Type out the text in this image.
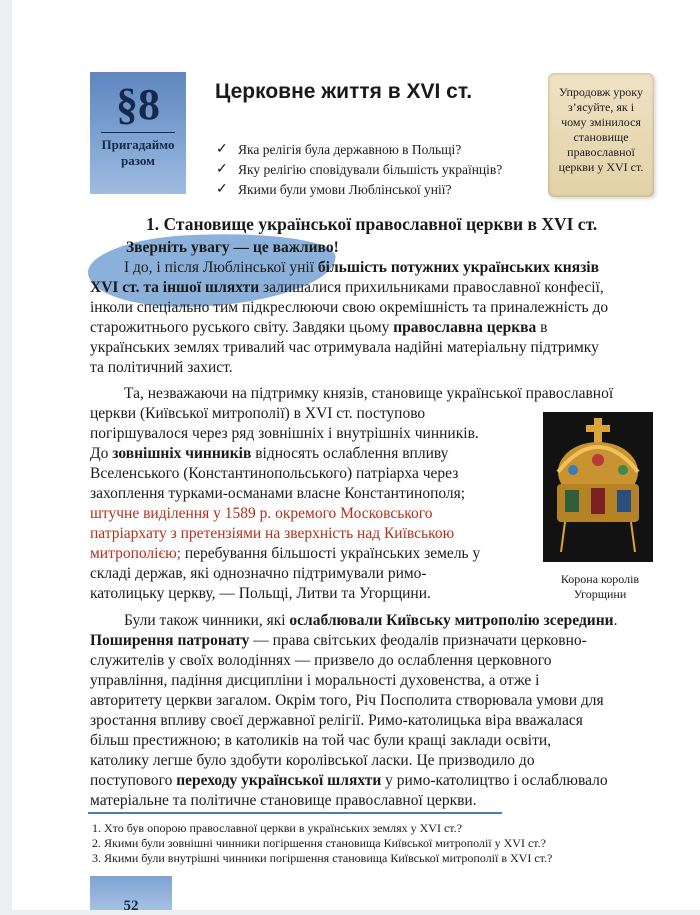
§8
Пригадаймо
разом
Церковне життя в XVI ст.
✓ Яка релігія була державною в Польщі?
✓ Яку релігію сповідували більшість українців?
✓ Якими були умови Люблінської унії?
Упродовж уроку
з’ясуйте, як і
чому змінилося
становище
православної
церкви у XVI ст.
1. Становище української православної церкви в XVI ст.
Зверніть увагу — це важливо!
І до, і після Люблінської унії більшість потужних українських князів
XVI ст. та іншої шляхти залишалися прихильниками православної конфесії,
інколи спеціально тим підкреслюючи свою окремішність та приналежність до
старожитнього руського світу. Завдяки цьому православна церква в
українських землях тривалий час отримувала надійні матеріальну підтримку
та політичний захист.
Та, незважаючи на підтримку князів, становище української православної
церкви (Київської митрополії) в XVI ст. поступово
погіршувалося через ряд зовнішніх і внутрішніх чинників.
До зовнішніх чинників відносять ослаблення впливу
Вселенського (Константинопольського) патріарха через
захоплення турками-османами власне Константинополя;
штучне виділення у 1589 р. окремого Московського
патріархату з претензіями на зверхність над Київською
митрополією; перебування більшості українських земель у
складі держав, які однозначно підтримували римо-
католицьку церкву, — Польщі, Литви та Угорщини.
Корона королів
Угорщини
Були також чинники, які ослаблювали Київську митрополію зсередини.
Поширення патронату — права світських феодалів призначати церковно-
служителів у своїх володіннях — призвело до ослаблення церковного
управління, падіння дисципліни і моральності духовенства, а отже і
авторитету церкви загалом. Окрім того, Річ Посполита створювала умови для
зростання впливу своєї державної релігії. Римо-католицька віра вважалася
більш престижною; в католиків на той час були кращі заклади освіти,
католику легше було здобути королівської ласки. Це призводило до
поступового переходу української шляхти у римо-католицтво і ослаблювало
матеріальне та політичне становище православної церкви.
1. Хто був опорою православної церкви в українських землях у XVI ст.?
2. Якими були зовнішні чинники погіршення становища Київської митрополії у XVI ст.?
3. Якими були внутрішні чинники погіршення становища Київської митрополії в XVI ст.?
52
